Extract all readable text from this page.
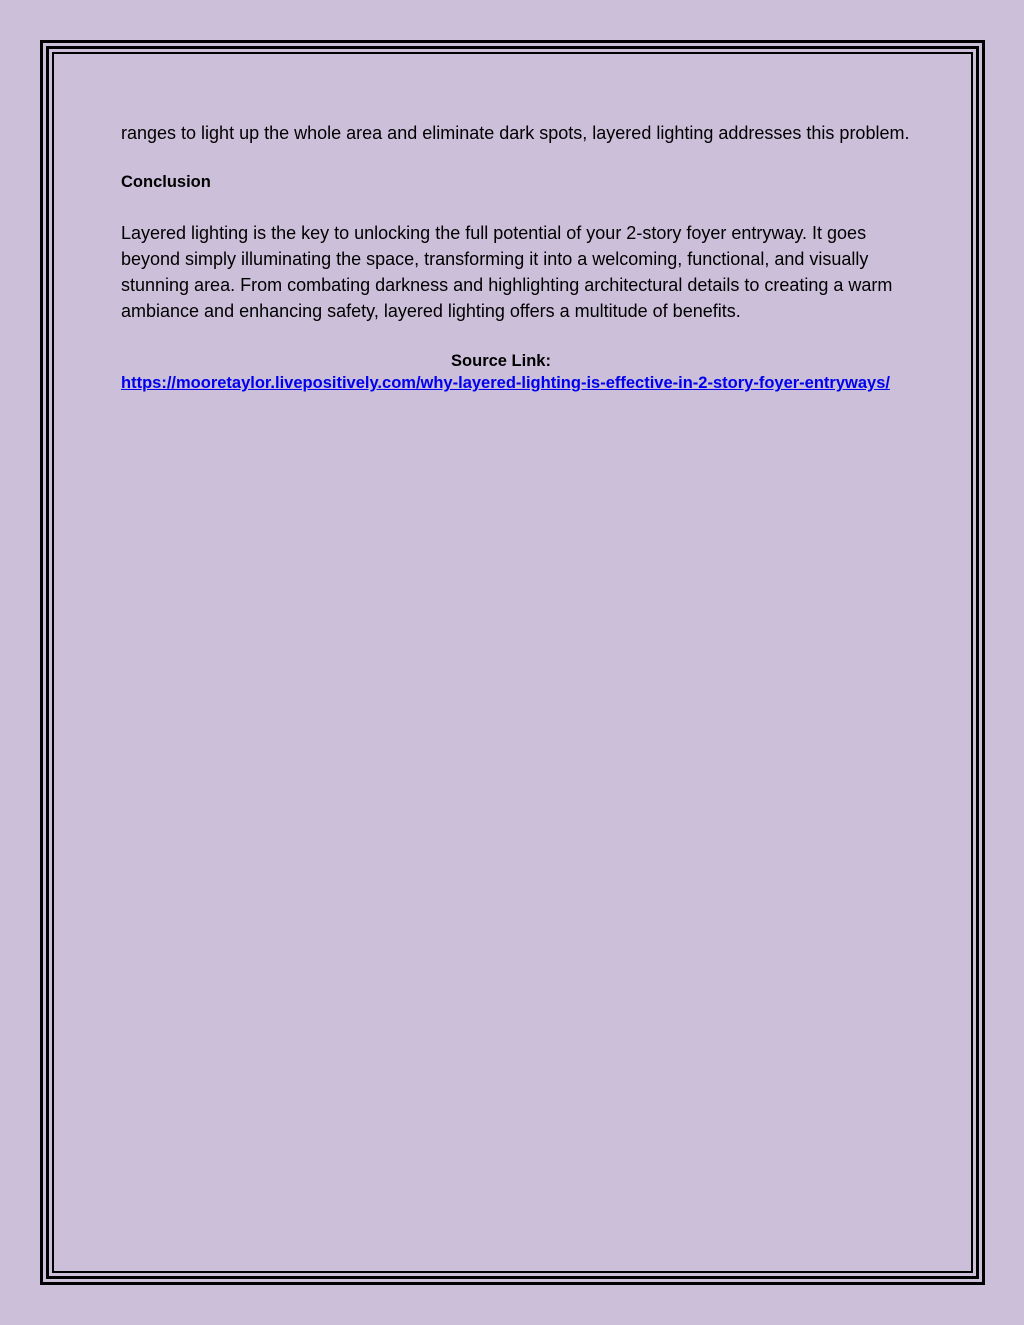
ranges to light up the whole area and eliminate dark spots, layered lighting addresses this problem.

Conclusion

Layered lighting is the key to unlocking the full potential of your 2-story foyer entryway. It goes beyond simply illuminating the space, transforming it into a welcoming, functional, and visually stunning area. From combating darkness and highlighting architectural details to creating a warm ambiance and enhancing safety, layered lighting offers a multitude of benefits.

Source Link:

https://mooretaylor.livepositively.com/why-layered-lighting-is-effective-in-2-story-foyer-entryways/
